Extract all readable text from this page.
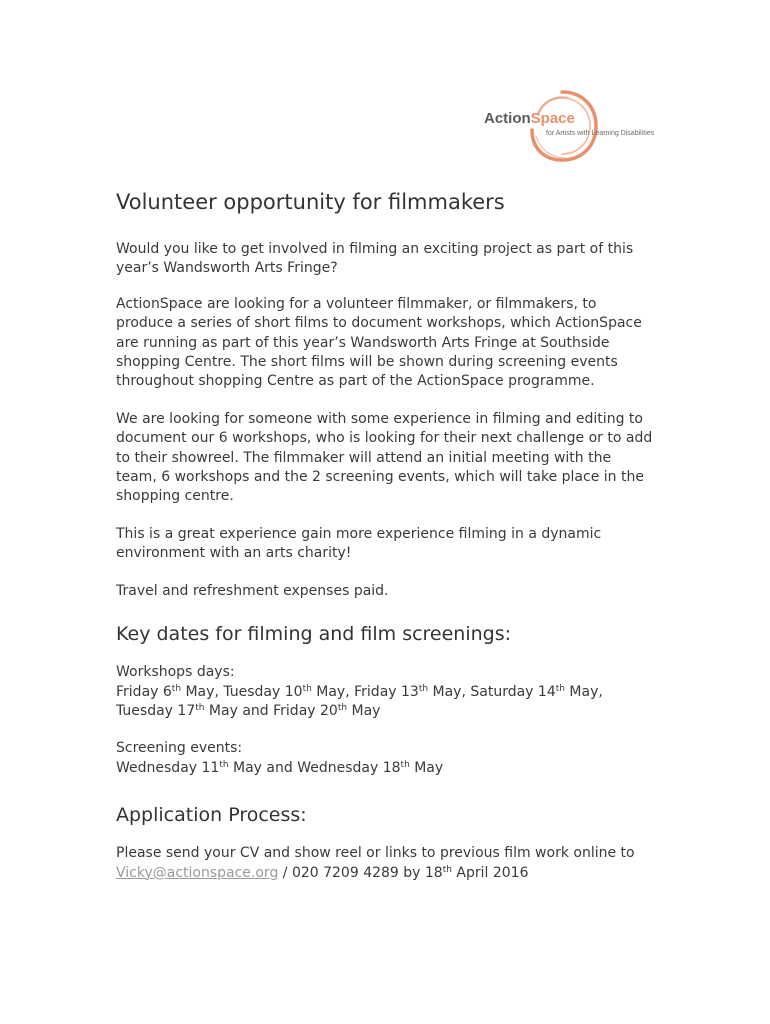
ActionSpace
for Artists with Learning Disabilities
Volunteer opportunity for filmmakers

Would you like to get involved in filming an exciting project as part of this year’s Wandsworth Arts Fringe?

ActionSpace are looking for a volunteer filmmaker, or filmmakers, to produce a series of short films to document workshops, which ActionSpace are running as part of this year’s Wandsworth Arts Fringe at Southside shopping Centre. The short films will be shown during screening events throughout shopping Centre as part of the ActionSpace programme.

We are looking for someone with some experience in filming and editing to document our 6 workshops, who is looking for their next challenge or to add to their showreel. The filmmaker will attend an initial meeting with the team, 6 workshops and the 2 screening events, which will take place in the shopping centre.

This is a great experience gain more experience filming in a dynamic environment with an arts charity!

Travel and refreshment expenses paid.

Key dates for filming and film screenings:

Workshops days:

Friday 6th May, Tuesday 10th May, Friday 13th May, Saturday 14th May, Tuesday 17th May and Friday 20th May

Screening events:

Wednesday 11th May and Wednesday 18th May

Application Process:

Please send your CV and show reel or links to previous film work online to Vicky@actionspace.org / 020 7209 4289 by 18th April 2016
